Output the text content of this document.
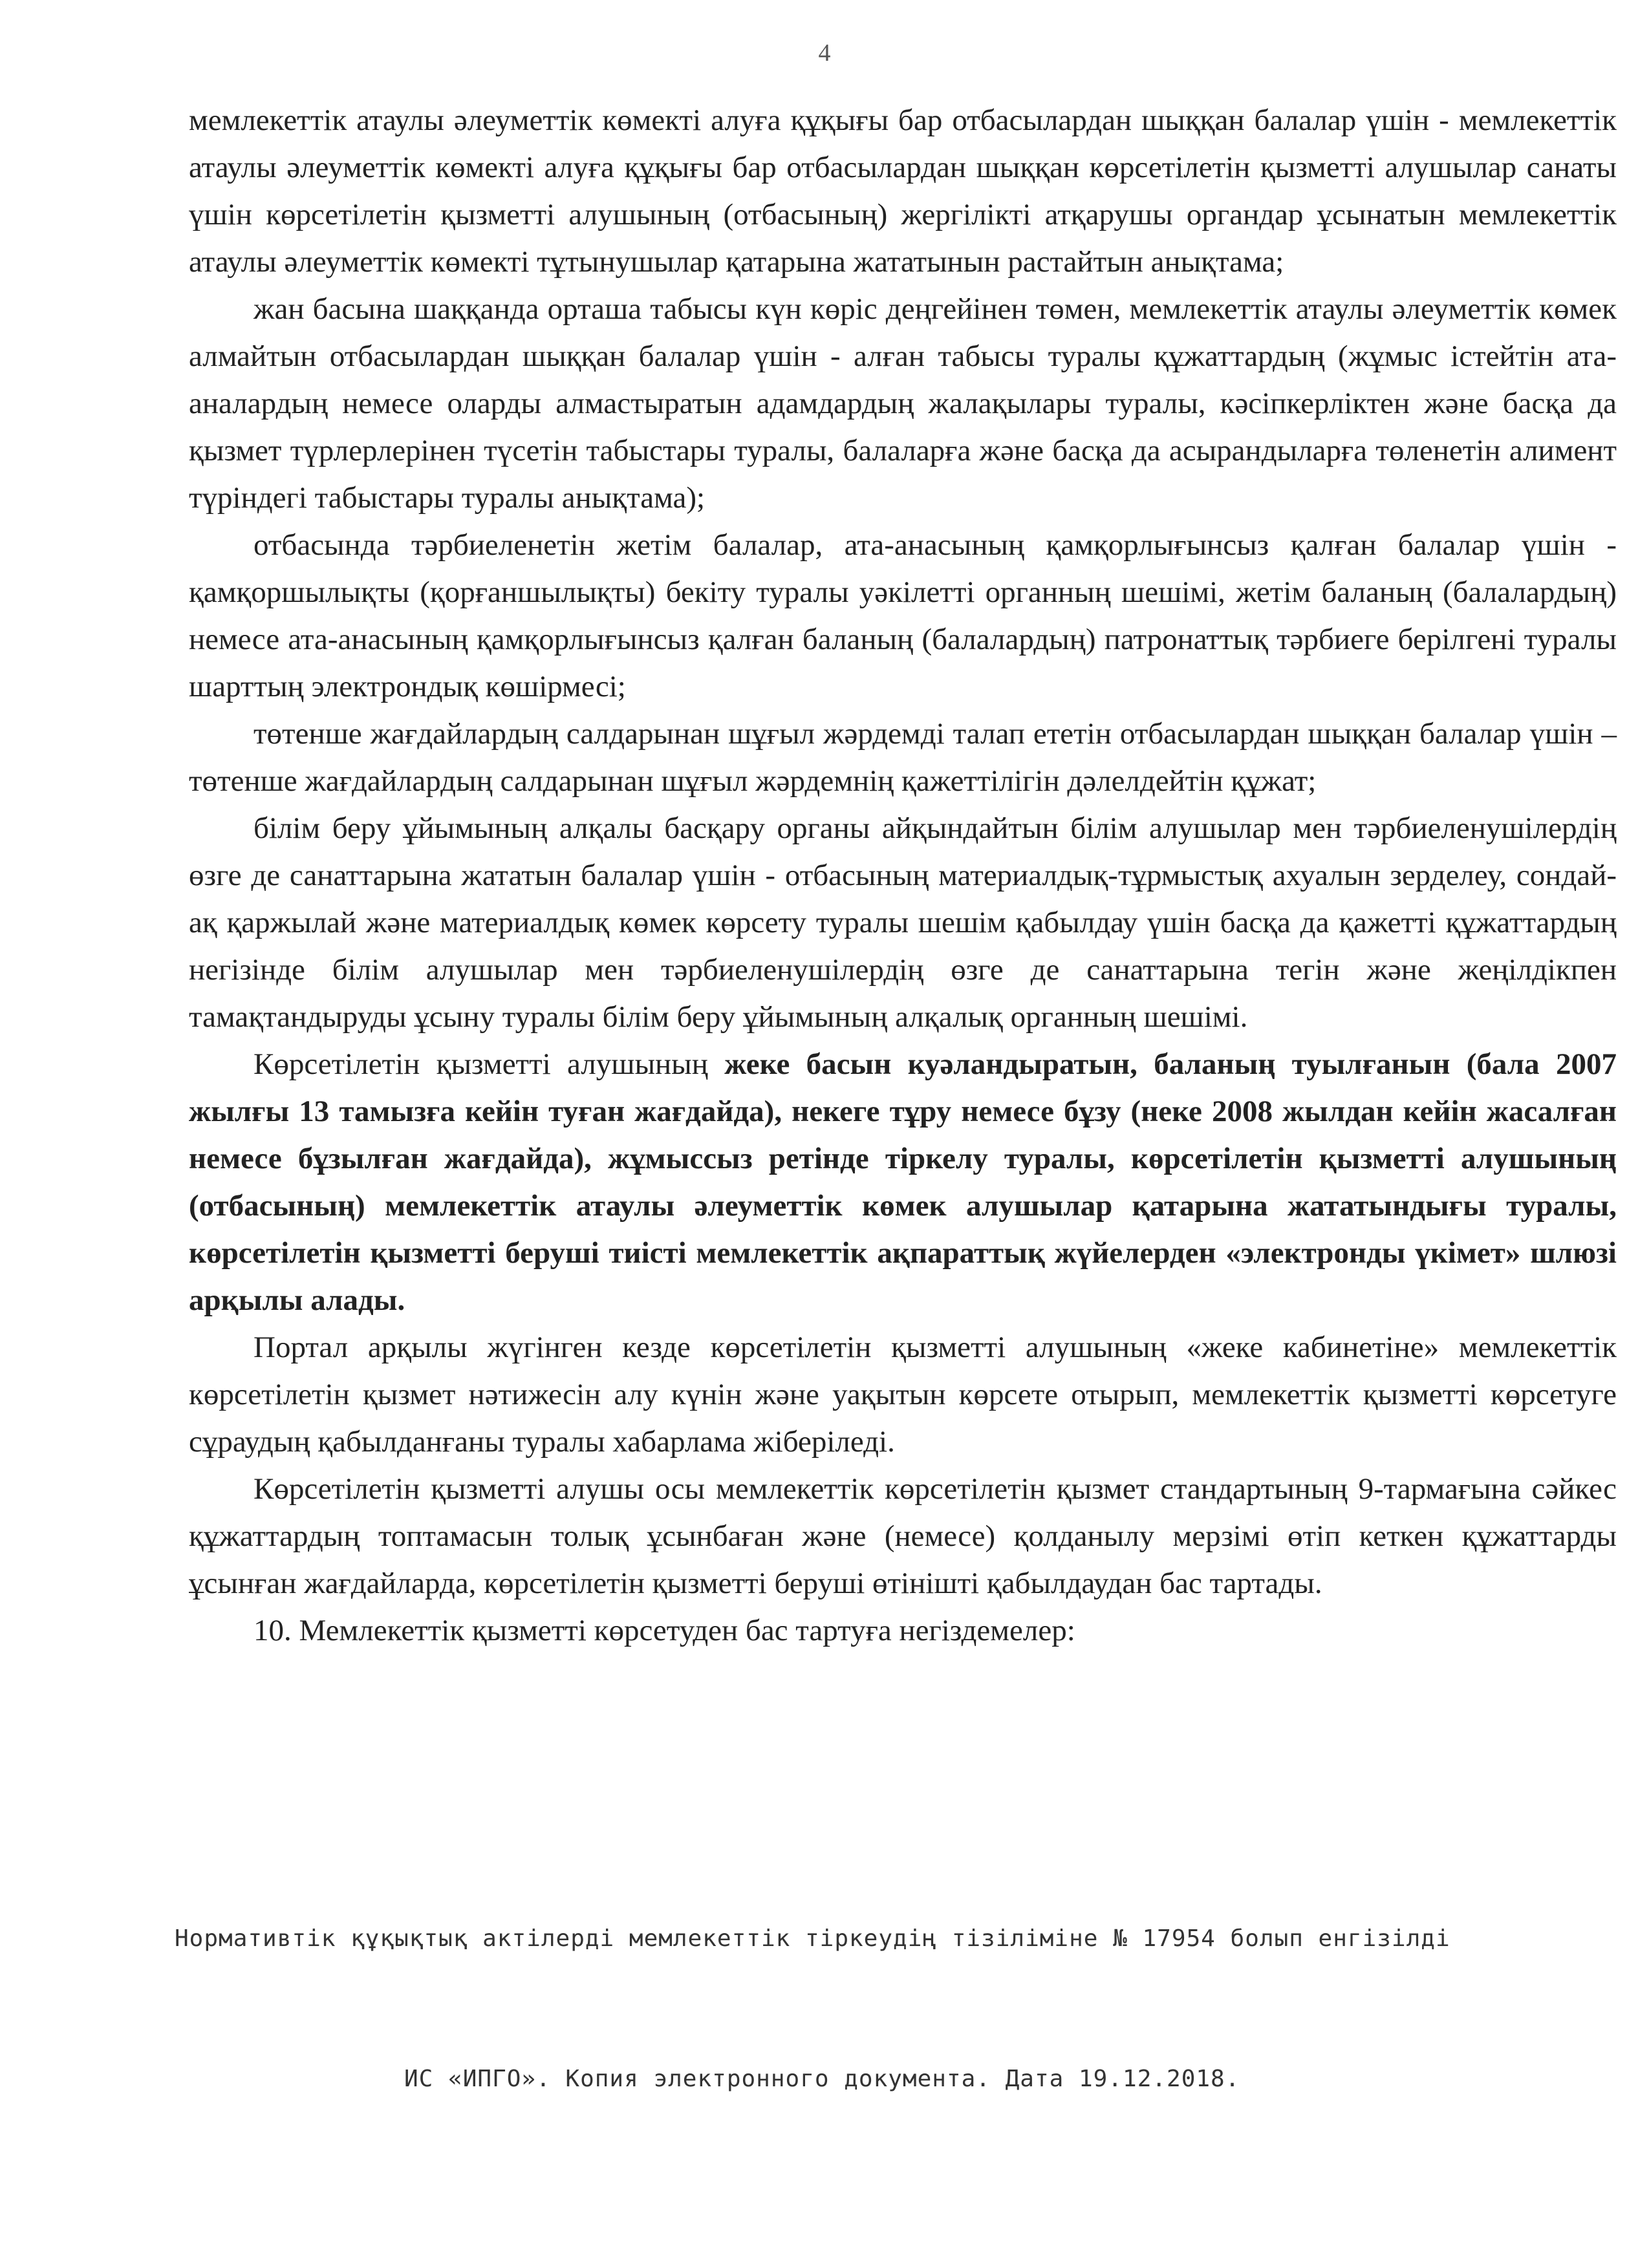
4

мемлекеттік атаулы әлеуметтік көмекті алуға құқығы бар отбасылардан шыққан балалар үшін - мемлекеттік атаулы әлеуметтік көмекті алуға құқығы бар отбасылардан шыққан көрсетілетін қызметті алушылар санаты үшін көрсетілетін қызметті алушының (отбасының) жергілікті атқарушы органдар ұсынатын мемлекеттік атаулы әлеуметтік көмекті тұтынушылар қатарына жататынын растайтын анықтама;

жан басына шаққанда орташа табысы күн көріс деңгейінен төмен, мемлекеттік атаулы әлеуметтік көмек алмайтын отбасылардан шыққан балалар үшін - алған табысы туралы құжаттардың (жұмыс істейтін ата-аналардың немесе оларды алмастыратын адамдардың жалақылары туралы, кәсіпкерліктен және басқа да қызмет түрлерлерінен түсетін табыстары туралы, балаларға және басқа да асырандыларға төленетін алимент түріндегі табыстары туралы анықтама);

отбасында тәрбиеленетін жетім балалар, ата-анасының қамқорлығынсыз қалған балалар үшін - қамқоршылықты (қорғаншылықты) бекіту туралы уәкілетті органның шешімі, жетім баланың (балалардың) немесе ата-анасының қамқорлығынсыз қалған баланың (балалардың) патронаттық тәрбиеге берілгені туралы шарттың электрондық көшірмесі;

төтенше жағдайлардың салдарынан шұғыл жәрдемді талап ететін отбасылардан шыққан балалар үшін – төтенше жағдайлардың салдарынан шұғыл жәрдемнің қажеттілігін дәлелдейтін құжат;

білім беру ұйымының алқалы басқару органы айқындайтын білім алушылар мен тәрбиеленушілердің өзге де санаттарына жататын балалар үшін - отбасының материалдық-тұрмыстық ахуалын зерделеу, сондай-ақ қаржылай және материалдық көмек көрсету туралы шешім қабылдау үшін басқа да қажетті құжаттардың негізінде білім алушылар мен тәрбиеленушілердің өзге де санаттарына тегін және жеңілдікпен тамақтандыруды ұсыну туралы білім беру ұйымының алқалық органның шешімі.

Көрсетілетін қызметті алушының жеке басын куәландыратын, баланың туылғанын (бала 2007 жылғы 13 тамызға кейін туған жағдайда), некеге тұру немесе бұзу (неке 2008 жылдан кейін жасалған немесе бұзылған жағдайда), жұмыссыз ретінде тіркелу туралы, көрсетілетін қызметті алушының (отбасының) мемлекеттік атаулы әлеуметтік көмек алушылар қатарына жататындығы туралы, көрсетілетін қызметті беруші тиісті мемлекеттік ақпараттық жүйелерден «электронды үкімет» шлюзі арқылы алады.

Портал арқылы жүгінген кезде көрсетілетін қызметті алушының «жеке кабинетіне» мемлекеттік көрсетілетін қызмет нәтижесін алу күнін және уақытын көрсете отырып, мемлекеттік қызметті көрсетуге сұраудың қабылданғаны туралы хабарлама жіберіледі.

Көрсетілетін қызметті алушы осы мемлекеттік көрсетілетін қызмет стандартының 9-тармағына сәйкес құжаттардың топтамасын толық ұсынбаған және (немесе) қолданылу мерзімі өтіп кеткен құжаттарды ұсынған жағдайларда, көрсетілетін қызметті беруші өтінішті қабылдаудан бас тартады.

10. Мемлекеттік қызметті көрсетуден бас тартуға негіздемелер:

Нормативтік құқықтық актілерді мемлекеттік тіркеудің тізіліміне № 17954 болып енгізілді
ИС «ИПГО». Копия электронного документа. Дата 19.12.2018.
